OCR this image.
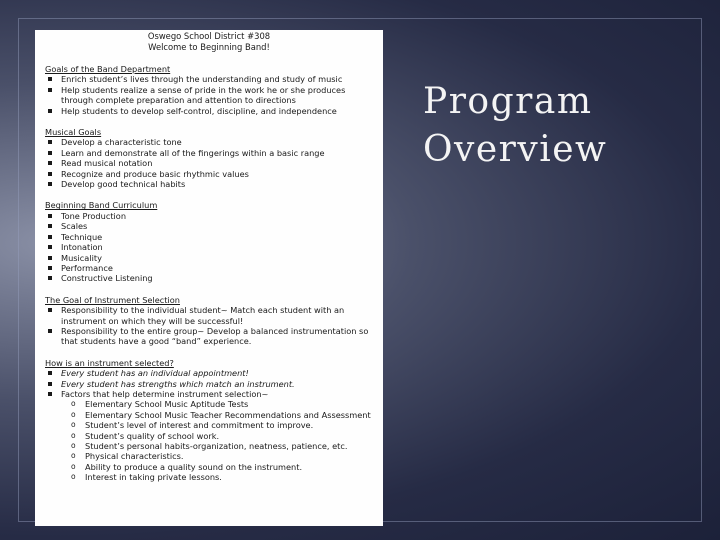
Oswego School District #308
Welcome to Beginning Band!
Goals of the Band Department
Enrich student’s lives through the understanding and study of music
Help students realize a sense of pride in the work he or she produces through complete preparation and attention to directions
Help students to develop self-control, discipline, and independence
Musical Goals
Develop a characteristic tone
Learn and demonstrate all of the fingerings within a basic range
Read musical notation
Recognize and produce basic rhythmic values
Develop good technical habits
Beginning Band Curriculum
Tone Production
Scales
Technique
Intonation
Musicality
Performance
Constructive Listening
The Goal of Instrument Selection
Responsibility to the individual student~ Match each student with an instrument on which they will be successful!
Responsibility to the entire group~ Develop a balanced instrumentation so that students have a good “band” experience.
How is an instrument selected?
Every student has an individual appointment!
Every student has strengths which match an instrument.
Factors that help determine instrument selection~
o Elementary School Music Aptitude Tests
o Elementary School Music Teacher Recommendations and Assessment
o Student’s level of interest and commitment to improve.
o Student’s quality of school work.
o Student’s personal habits-organization, neatness, patience, etc.
o Physical characteristics.
o Ability to produce a quality sound on the instrument.
o Interest in taking private lessons.
Program
Overview
